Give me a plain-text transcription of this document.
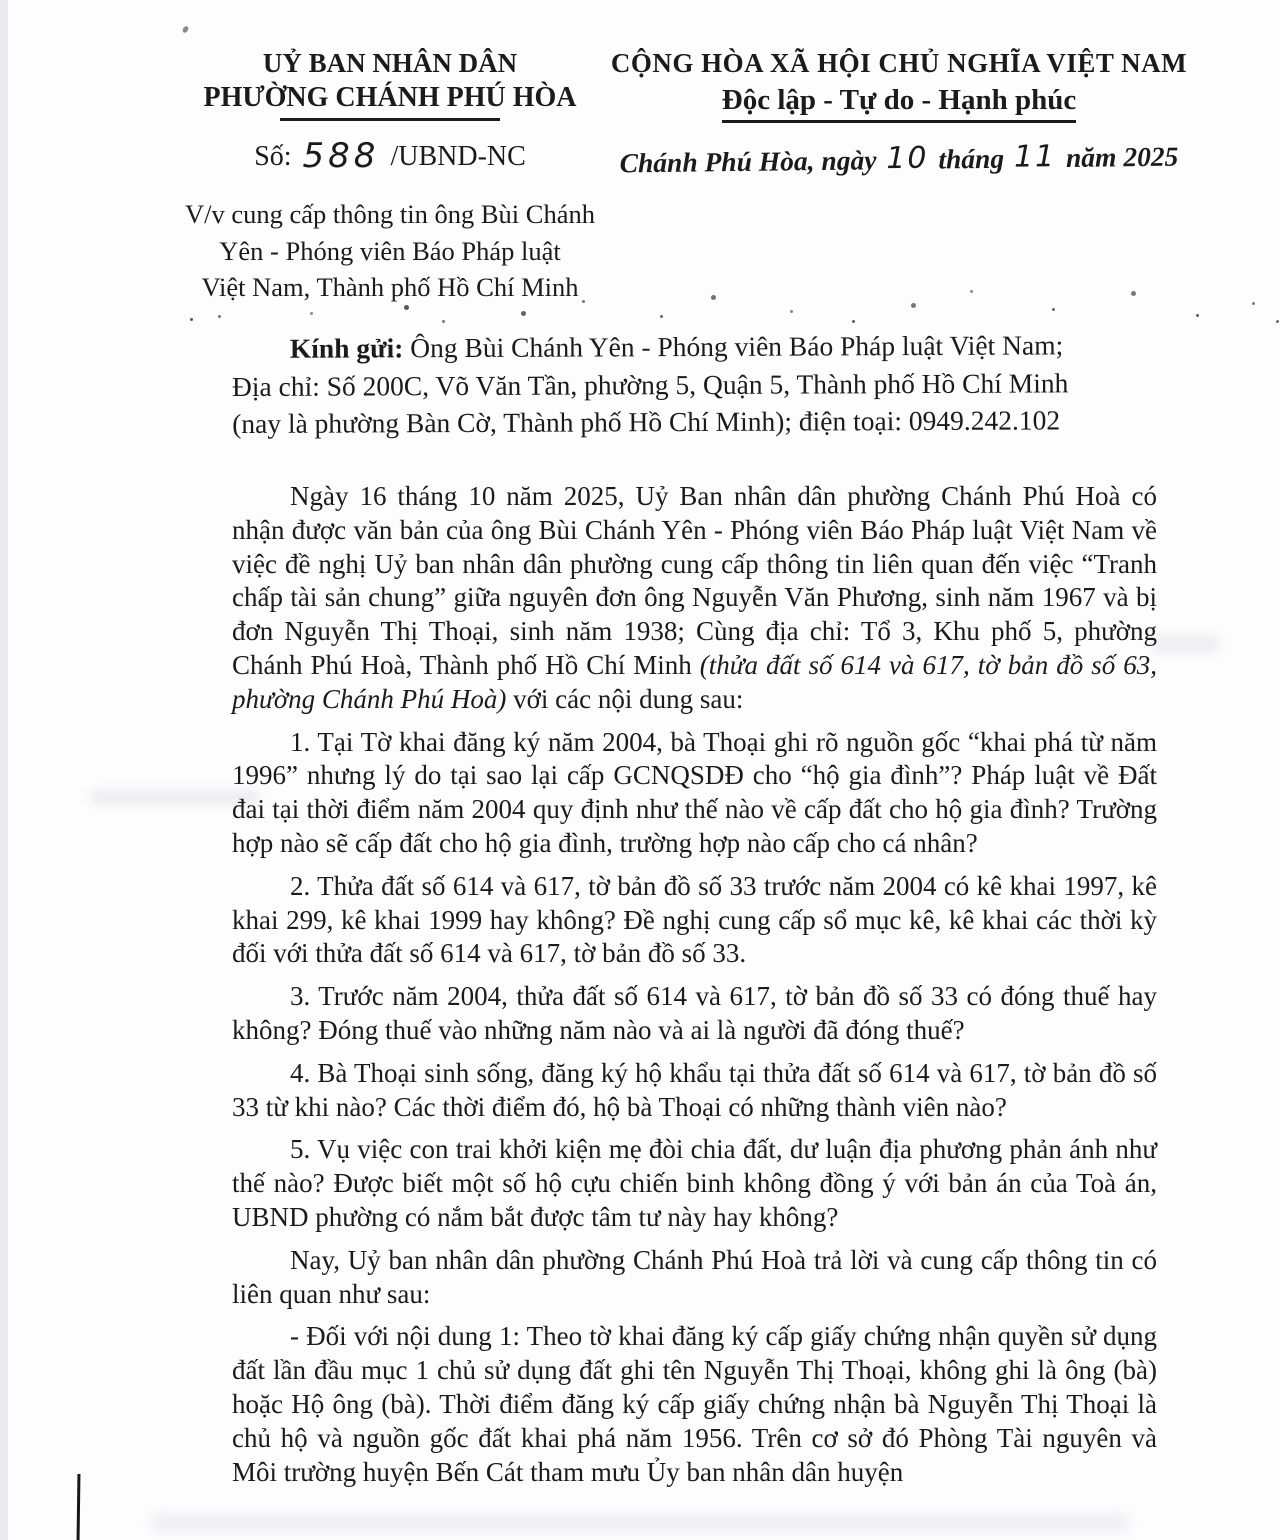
UỶ BAN NHÂN DÂN
PHƯỜNG CHÁNH PHÚ HÒA
Số: 588 /UBND-NC
V/v cung cấp thông tin ông Bùi Chánh
Yên - Phóng viên Báo Pháp luật
Việt Nam, Thành phố Hồ Chí Minh
CỘNG HÒA XÃ HỘI CHỦ NGHĨA VIỆT NAM
Độc lập - Tự do - Hạnh phúc
Chánh Phú Hòa, ngày 10 tháng 11 năm 2025
Kính gửi: Ông Bùi Chánh Yên - Phóng viên Báo Pháp luật Việt Nam;
Địa chỉ: Số 200C, Võ Văn Tần, phường 5, Quận 5, Thành phố Hồ Chí Minh
(nay là phường Bàn Cờ, Thành phố Hồ Chí Minh); điện toại: 0949.242.102

Ngày 16 tháng 10 năm 2025, Uỷ Ban nhân dân phường Chánh Phú Hoà có nhận được văn bản của ông Bùi Chánh Yên - Phóng viên Báo Pháp luật Việt Nam về việc đề nghị Uỷ ban nhân dân phường cung cấp thông tin liên quan đến việc “Tranh chấp tài sản chung” giữa nguyên đơn ông Nguyễn Văn Phương, sinh năm 1967 và bị đơn Nguyễn Thị Thoại, sinh năm 1938; Cùng địa chỉ: Tổ 3, Khu phố 5, phường Chánh Phú Hoà, Thành phố Hồ Chí Minh (thửa đất số 614 và 617, tờ bản đồ số 63, phường Chánh Phú Hoà) với các nội dung sau:

1. Tại Tờ khai đăng ký năm 2004, bà Thoại ghi rõ nguồn gốc “khai phá từ năm 1996” nhưng lý do tại sao lại cấp GCNQSDĐ cho “hộ gia đình”? Pháp luật về Đất đai tại thời điểm năm 2004 quy định như thế nào về cấp đất cho hộ gia đình? Trường hợp nào sẽ cấp đất cho hộ gia đình, trường hợp nào cấp cho cá nhân?

2. Thửa đất số 614 và 617, tờ bản đồ số 33 trước năm 2004 có kê khai 1997, kê khai 299, kê khai 1999 hay không? Đề nghị cung cấp sổ mục kê, kê khai các thời kỳ đối với thửa đất số 614 và 617, tờ bản đồ số 33.

3. Trước năm 2004, thửa đất số 614 và 617, tờ bản đồ số 33 có đóng thuế hay không? Đóng thuế vào những năm nào và ai là người đã đóng thuế?

4. Bà Thoại sinh sống, đăng ký hộ khẩu tại thửa đất số 614 và 617, tờ bản đồ số 33 từ khi nào? Các thời điểm đó, hộ bà Thoại có những thành viên nào?

5. Vụ việc con trai khởi kiện mẹ đòi chia đất, dư luận địa phương phản ánh như thế nào? Được biết một số hộ cựu chiến binh không đồng ý với bản án của Toà án, UBND phường có nắm bắt được tâm tư này hay không?

Nay, Uỷ ban nhân dân phường Chánh Phú Hoà trả lời và cung cấp thông tin có liên quan như sau:

- Đối với nội dung 1: Theo tờ khai đăng ký cấp giấy chứng nhận quyền sử dụng đất lần đầu mục 1 chủ sử dụng đất ghi tên Nguyễn Thị Thoại, không ghi là ông (bà) hoặc Hộ ông (bà). Thời điểm đăng ký cấp giấy chứng nhận bà Nguyễn Thị Thoại là chủ hộ và nguồn gốc đất khai phá năm 1956. Trên cơ sở đó Phòng Tài nguyên và Môi trường huyện Bến Cát tham mưu Ủy ban nhân dân huyện
